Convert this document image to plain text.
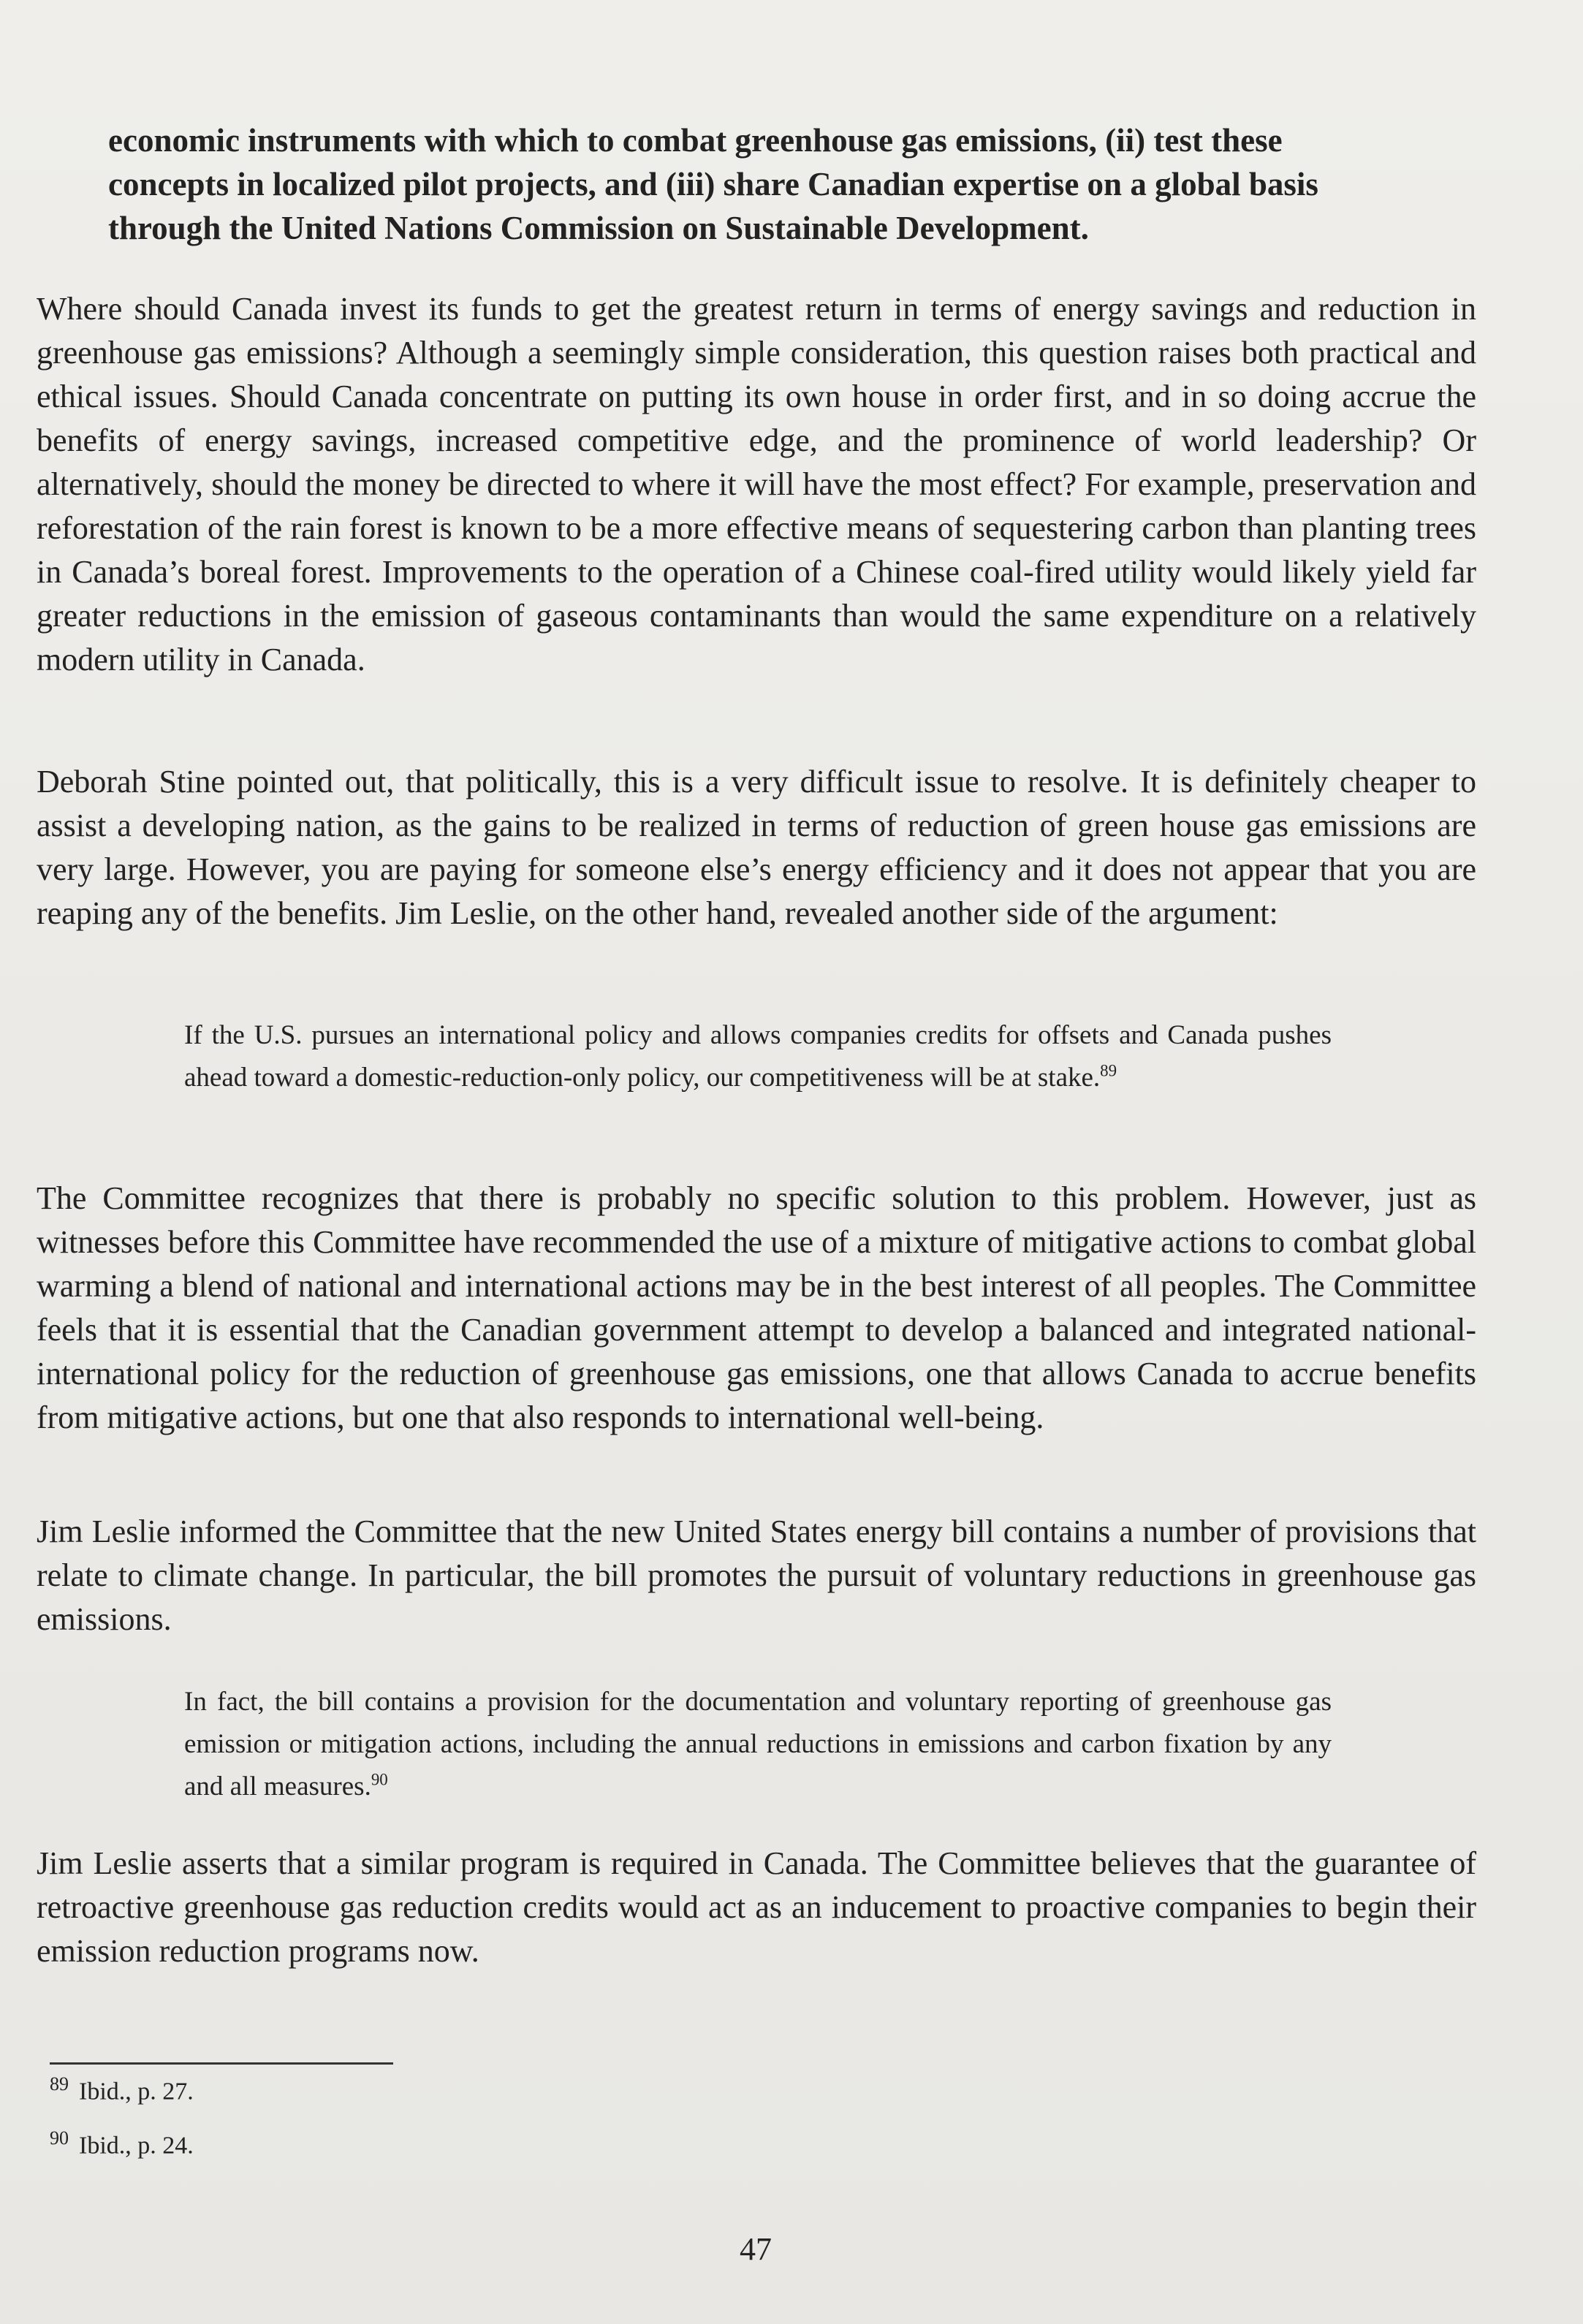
economic instruments with which to combat greenhouse gas emissions, (ii) test these concepts in localized pilot projects, and (iii) share Canadian expertise on a global basis through the United Nations Commission on Sustainable Development.

Where should Canada invest its funds to get the greatest return in terms of energy savings and reduction in greenhouse gas emissions? Although a seemingly simple consideration, this question raises both practical and ethical issues. Should Canada concentrate on putting its own house in order first, and in so doing accrue the benefits of energy savings, increased competitive edge, and the prominence of world leadership? Or alternatively, should the money be directed to where it will have the most effect? For example, preservation and reforestation of the rain forest is known to be a more effective means of sequestering carbon than planting trees in Canada’s boreal forest. Improvements to the operation of a Chinese coal-fired utility would likely yield far greater reductions in the emission of gaseous contaminants than would the same expenditure on a relatively modern utility in Canada.

Deborah Stine pointed out, that politically, this is a very difficult issue to resolve. It is definitely cheaper to assist a developing nation, as the gains to be realized in terms of reduction of green house gas emissions are very large. However, you are paying for someone else’s energy efficiency and it does not appear that you are reaping any of the benefits. Jim Leslie, on the other hand, revealed another side of the argument:

If the U.S. pursues an international policy and allows companies credits for offsets and Canada pushes ahead toward a domestic-reduction-only policy, our competitiveness will be at stake.$^{89}$

The Committee recognizes that there is probably no specific solution to this problem. However, just as witnesses before this Committee have recommended the use of a mixture of mitigative actions to combat global warming a blend of national and international actions may be in the best interest of all peoples. The Committee feels that it is essential that the Canadian government attempt to develop a balanced and integrated national-international policy for the reduction of greenhouse gas emissions, one that allows Canada to accrue benefits from mitigative actions, but one that also responds to international well-being.

Jim Leslie informed the Committee that the new United States energy bill contains a number of provisions that relate to climate change. In particular, the bill promotes the pursuit of voluntary reductions in greenhouse gas emissions.

In fact, the bill contains a provision for the documentation and voluntary reporting of greenhouse gas emission or mitigation actions, including the annual reductions in emissions and carbon fixation by any and all measures.$^{90}$

Jim Leslie asserts that a similar program is required in Canada. The Committee believes that the guarantee of retroactive greenhouse gas reduction credits would act as an inducement to proactive companies to begin their emission reduction programs now.

$^{89}$ Ibid., p. 27.

$^{90}$ Ibid., p. 24.

47
